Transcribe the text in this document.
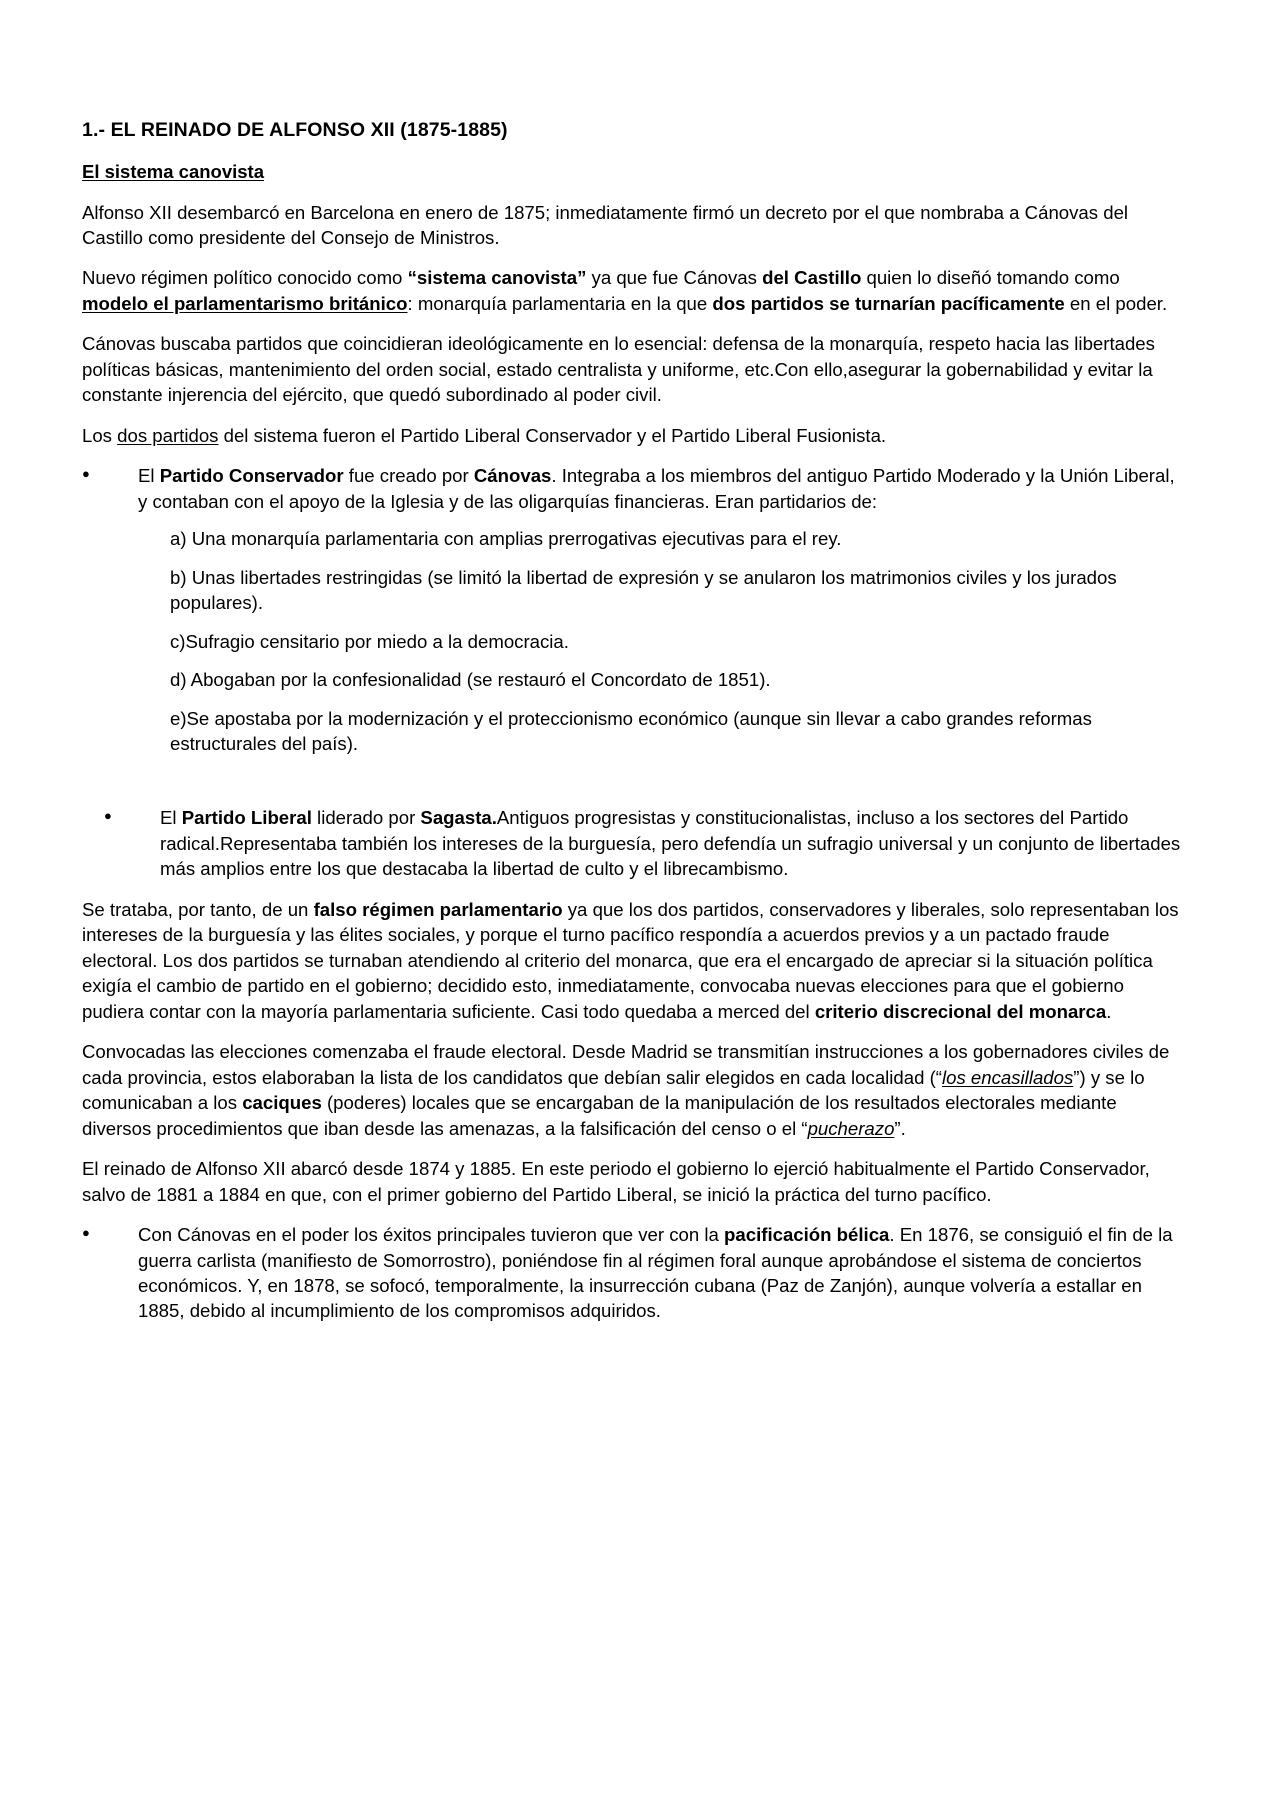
1.- EL REINADO DE ALFONSO XII (1875-1885)
El sistema canovista

Alfonso XII desembarcó en Barcelona en enero de 1875; inmediatamente firmó un decreto por el que nombraba a Cánovas del Castillo como presidente del Consejo de Ministros.

Nuevo régimen político conocido como “sistema canovista” ya que fue Cánovas del Castillo quien lo diseñó tomando como modelo el parlamentarismo británico: monarquía parlamentaria en la que dos partidos se turnarían pacíficamente en el poder.

Cánovas buscaba partidos que coincidieran ideológicamente en lo esencial: defensa de la monarquía, respeto hacia las libertades políticas básicas, mantenimiento del orden social, estado centralista y uniforme, etc.Con ello,asegurar la gobernabilidad y evitar la constante injerencia del ejército, que quedó subordinado al poder civil.

Los dos partidos del sistema fueron el Partido Liberal Conservador y el Partido Liberal Fusionista.

● El Partido Conservador fue creado por Cánovas. Integraba a los miembros del antiguo Partido Moderado y la Unión Liberal, y contaban con el apoyo de la Iglesia y de las oligarquías financieras. Eran partidarios de:
a) Una monarquía parlamentaria con amplias prerrogativas ejecutivas para el rey.
b) Unas libertades restringidas (se limitó la libertad de expresión y se anularon los matrimonios civiles y los jurados populares).
c)Sufragio censitario por miedo a la democracia.
d) Abogaban por la confesionalidad (se restauró el Concordato de 1851).
e)Se apostaba por la modernización y el proteccionismo económico (aunque sin llevar a cabo grandes reformas estructurales del país).
● El Partido Liberal liderado por Sagasta.Antiguos progresistas y constitucionalistas, incluso a los sectores del Partido radical.Representaba también los intereses de la burguesía, pero defendía un sufragio universal y un conjunto de libertades más amplios entre los que destacaba la libertad de culto y el librecambismo.

Se trataba, por tanto, de un falso régimen parlamentario ya que los dos partidos, conservadores y liberales, solo representaban los intereses de la burguesía y las élites sociales, y porque el turno pacífico respondía a acuerdos previos y a un pactado fraude electoral. Los dos partidos se turnaban atendiendo al criterio del monarca, que era el encargado de apreciar si la situación política exigía el cambio de partido en el gobierno; decidido esto, inmediatamente, convocaba nuevas elecciones para que el gobierno pudiera contar con la mayoría parlamentaria suficiente. Casi todo quedaba a merced del criterio discrecional del monarca.

Convocadas las elecciones comenzaba el fraude electoral. Desde Madrid se transmitían instrucciones a los gobernadores civiles de cada provincia, estos elaboraban la lista de los candidatos que debían salir elegidos en cada localidad (“los encasillados”) y se lo comunicaban a los caciques (poderes) locales que se encargaban de la manipulación de los resultados electorales mediante diversos procedimientos que iban desde las amenazas, a la falsificación del censo o el “pucherazo”.

El reinado de Alfonso XII abarcó desde 1874 y 1885. En este periodo el gobierno lo ejerció habitualmente el Partido Conservador, salvo de 1881 a 1884 en que, con el primer gobierno del Partido Liberal, se inició la práctica del turno pacífico.

● Con Cánovas en el poder los éxitos principales tuvieron que ver con la pacificación bélica. En 1876, se consiguió el fin de la guerra carlista (manifiesto de Somorrostro), poniéndose fin al régimen foral aunque aprobándose el sistema de conciertos económicos. Y, en 1878, se sofocó, temporalmente, la insurrección cubana (Paz de Zanjón), aunque volvería a estallar en 1885, debido al incumplimiento de los compromisos adquiridos.
